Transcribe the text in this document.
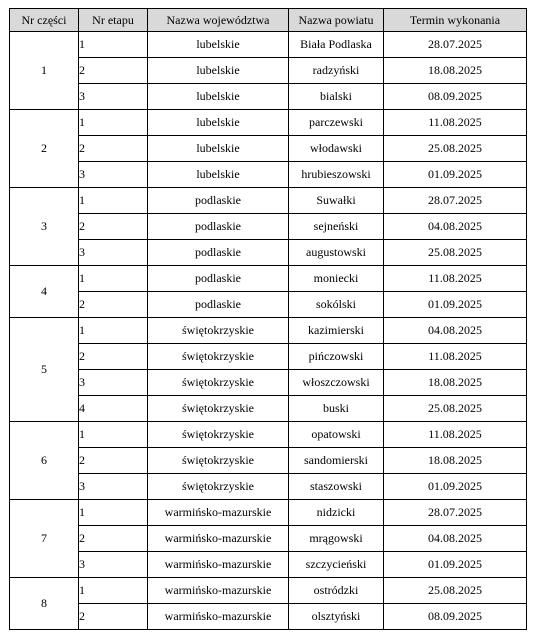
Nr części	Nr etapu	Nazwa województwa	Nazwa powiatu	Termin wykonania
1	1	lubelskie	Biała Podlaska	28.07.2025
	2	lubelskie	radzyński	18.08.2025
	3	lubelskie	bialski	08.09.2025
2	1	lubelskie	parczewski	11.08.2025
	2	lubelskie	włodawski	25.08.2025
	3	lubelskie	hrubieszowski	01.09.2025
3	1	podlaskie	Suwałki	28.07.2025
	2	podlaskie	sejneński	04.08.2025
	3	podlaskie	augustowski	25.08.2025
4	1	podlaskie	moniecki	11.08.2025
	2	podlaskie	sokólski	01.09.2025
5	1	świętokrzyskie	kazimierski	04.08.2025
	2	świętokrzyskie	pińczowski	11.08.2025
	3	świętokrzyskie	włoszczowski	18.08.2025
	4	świętokrzyskie	buski	25.08.2025
6	1	świętokrzyskie	opatowski	11.08.2025
	2	świętokrzyskie	sandomierski	18.08.2025
	3	świętokrzyskie	staszowski	01.09.2025
7	1	warmińsko-mazurskie	nidzicki	28.07.2025
	2	warmińsko-mazurskie	mrągowski	04.08.2025
	3	warmińsko-mazurskie	szczycieński	01.09.2025
8	1	warmińsko-mazurskie	ostródzki	25.08.2025
	2	warmińsko-mazurskie	olsztyński	08.09.2025
